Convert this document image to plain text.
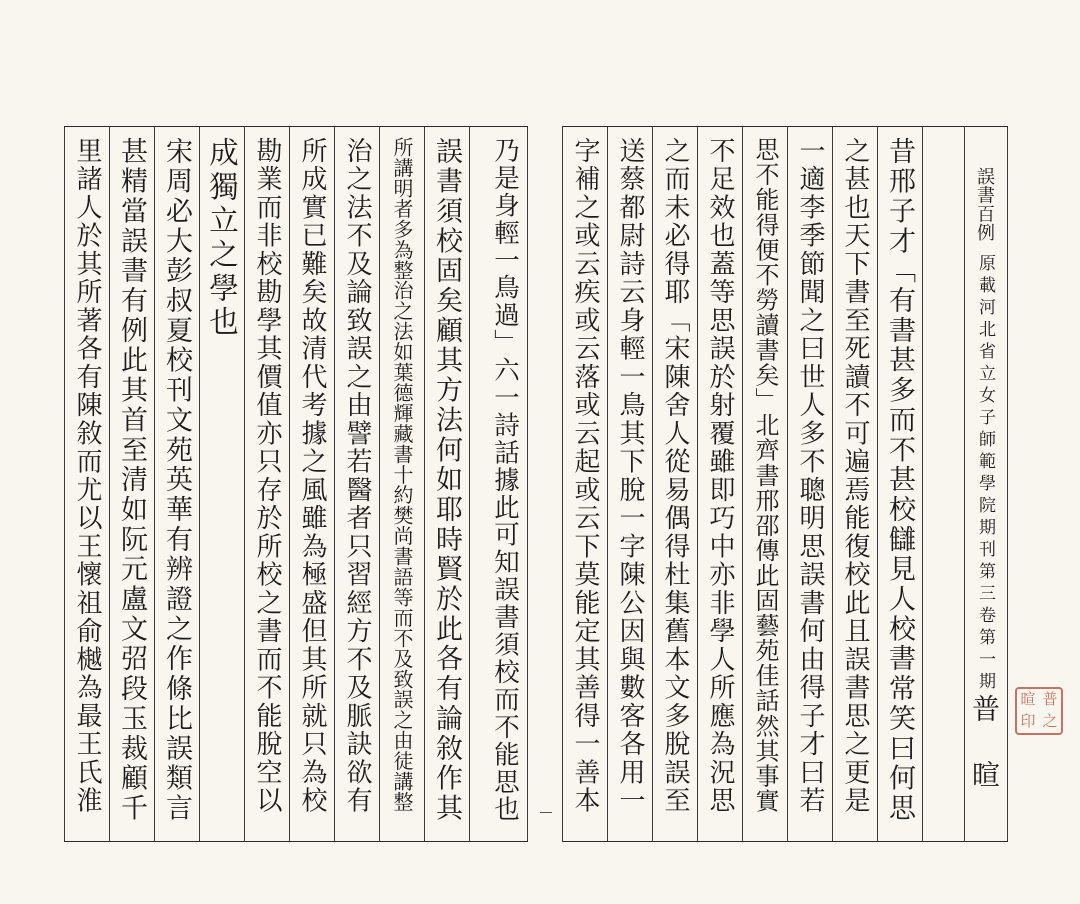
字補之或云疾或云落或云起或云下莫能定其善得一善本 送蔡都尉詩云身輕一鳥其下脫一字陳公因與數客各用一 之而未必得耶「宋陳舍人從易偶得杜集舊本文多脫誤至 不足效也蓋等思誤於射覆雖即巧中亦非學人所應為況思 思不能得便不勞讀書矣」北齊書邢邵傳此固藝苑佳話然其事實 一適李季節聞之曰世人多不聰明思誤書何由得子才曰若 之甚也天下書至死讀不可遍焉能復校此且誤書思之更是 昔邢子才「有書甚多而不甚校讎見人校書常笑曰何思	誤書百例
原載河北省立女子師範學院期刊第三卷第一期
普暄	暄 普
印 之
里諸人於其所著各有陳敘而尤以王懷祖俞樾為最王氏淮 甚精當誤書有例此其首至清如阮元盧文弨段玉裁顧千 宋周必大彭叔夏校刊文苑英華有辨證之作條比誤類言 成獨立之學也 勘業而非校勘學其價值亦只存於所校之書而不能脫空以 所成實已難矣故清代考據之風雖為極盛但其所就只為校 治之法不及論致誤之由譬若醫者只習經方不及脈訣欲有 所講明者多為整治之法如葉德輝藏書十約樊尚書語等而不及致誤之由徒講整 誤書須校固矣顧其方法何如耶時賢於此各有論敘作其	乃是身輕一鳥過」六一詩話據此可知誤書須校而不能思也
